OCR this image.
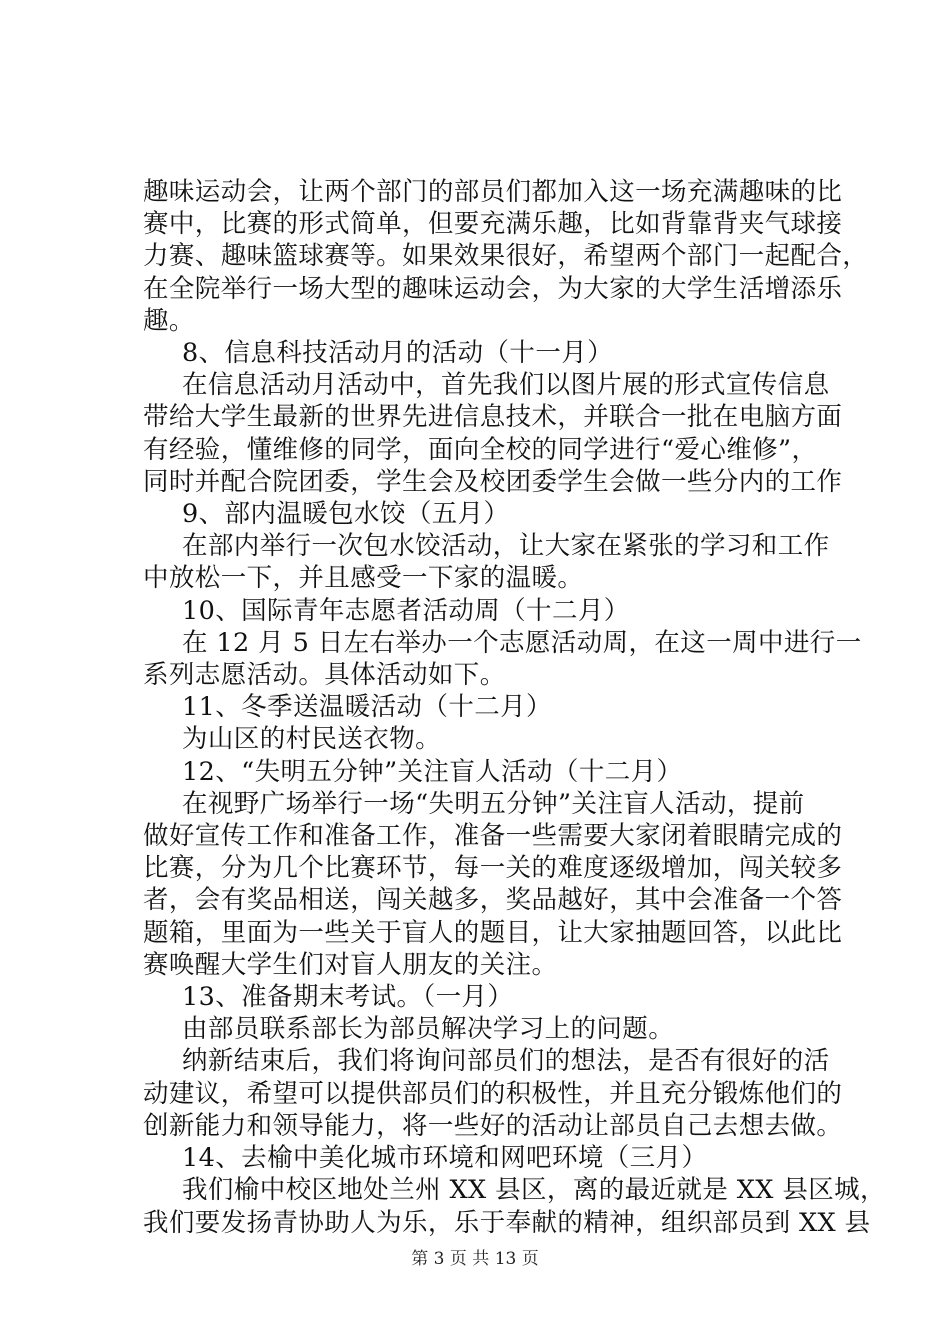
趣味运动会，让两个部门的部员们都加入这一场充满趣味的比

赛中，比赛的形式简单，但要充满乐趣，比如背靠背夹气球接

力赛、趣味篮球赛等。如果效果很好，希望两个部门一起配合，

在全院举行一场大型的趣味运动会，为大家的大学生活增添乐

趣。

8、信息科技活动月的活动（十一月）

在信息活动月活动中，首先我们以图片展的形式宣传信息

带给大学生最新的世界先进信息技术，并联合一批在电脑方面

有经验，懂维修的同学，面向全校的同学进行“爱心维修”，

同时并配合院团委，学生会及校团委学生会做一些分内的工作

9、部内温暖包水饺（五月）

在部内举行一次包水饺活动，让大家在紧张的学习和工作

中放松一下，并且感受一下家的温暖。

10、国际青年志愿者活动周（十二月）

在 12 月 5 日左右举办一个志愿活动周，在这一周中进行一

系列志愿活动。具体活动如下。

11、冬季送温暖活动（十二月）

为山区的村民送衣物。

12、“失明五分钟”关注盲人活动（十二月）

在视野广场举行一场“失明五分钟”关注盲人活动，提前

做好宣传工作和准备工作，准备一些需要大家闭着眼睛完成的

比赛，分为几个比赛环节，每一关的难度逐级增加，闯关较多

者，会有奖品相送，闯关越多，奖品越好，其中会准备一个答

题箱，里面为一些关于盲人的题目，让大家抽题回答，以此比

赛唤醒大学生们对盲人朋友的关注。

13、准备期末考试。（一月）

由部员联系部长为部员解决学习上的问题。

纳新结束后，我们将询问部员们的想法，是否有很好的活

动建议，希望可以提供部员们的积极性，并且充分锻炼他们的

创新能力和领导能力，将一些好的活动让部员自己去想去做。

14、去榆中美化城市环境和网吧环境（三月）

我们榆中校区地处兰州 XX 县区，离的最近就是 XX 县区城，

我们要发扬青协助人为乐，乐于奉献的精神，组织部员到 XX 县

第 3 页 共 13 页
